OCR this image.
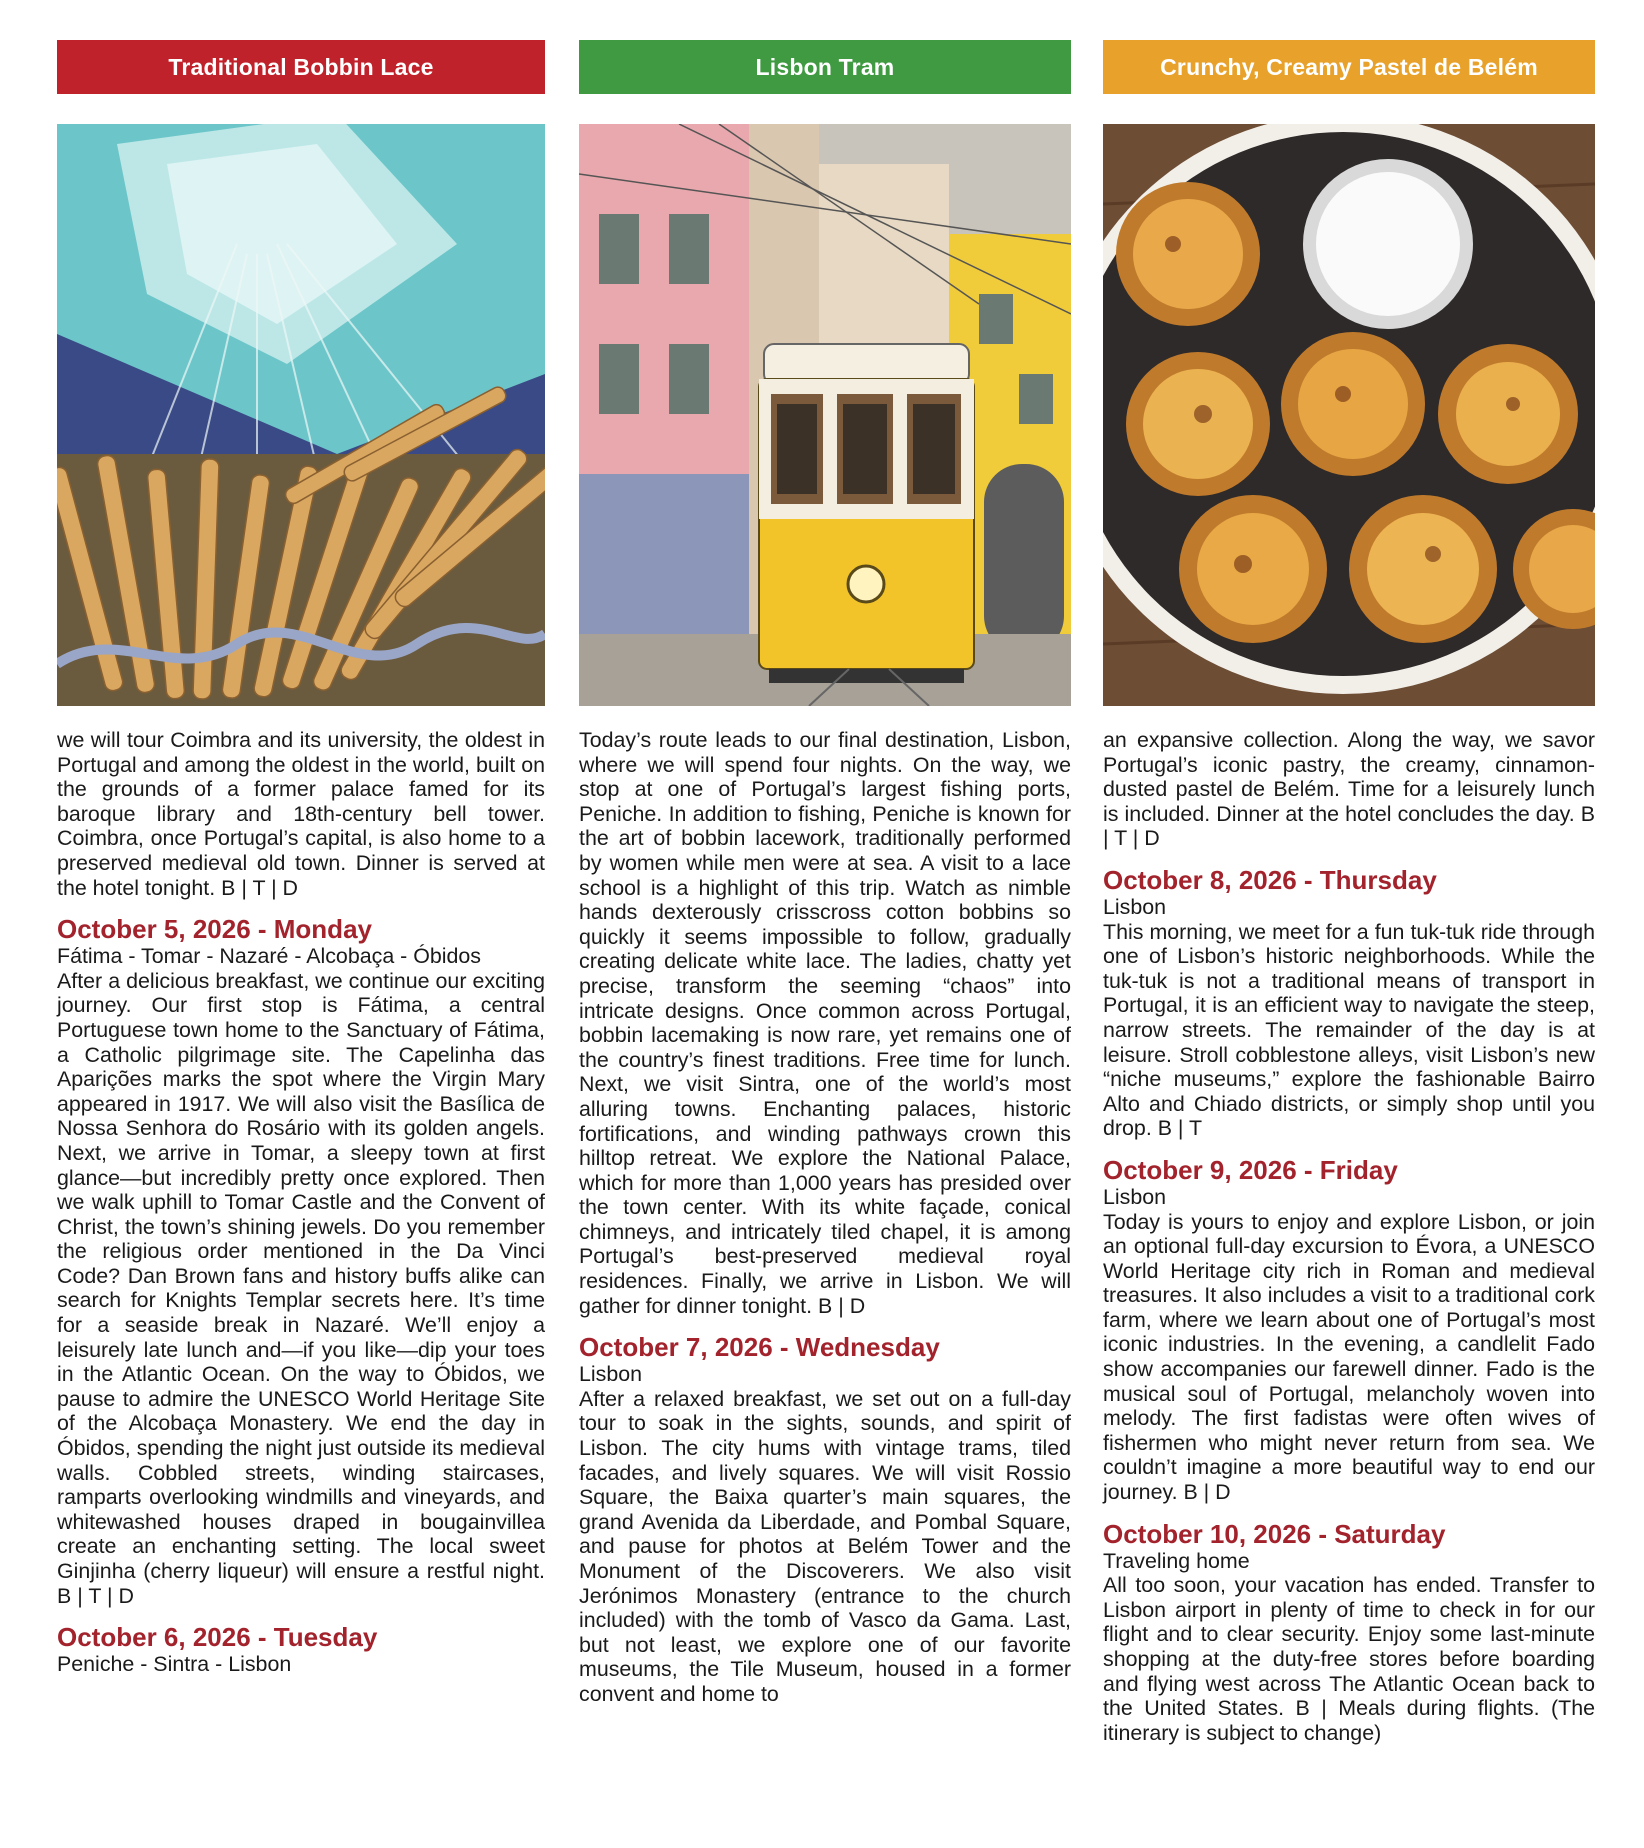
Traditional Bobbin Lace

we will tour Coimbra and its university, the oldest in Portugal and among the oldest in the world, built on the grounds of a former palace famed for its baroque library and 18th-century bell tower. Coimbra, once Portugal’s capital, is also home to a preserved medieval old town. Dinner is served at the hotel tonight. B | T | D

October 5, 2026 - Monday

Fátima - Tomar - Nazaré - Alcobaça - Óbidos

After a delicious breakfast, we continue our exciting journey. Our first stop is Fátima, a central Portuguese town home to the Sanctuary of Fátima, a Catholic pilgrimage site. The Capelinha das Aparições marks the spot where the Virgin Mary appeared in 1917. We will also visit the Basílica de Nossa Senhora do Rosário with its golden angels. Next, we arrive in Tomar, a sleepy town at first glance—but incredibly pretty once explored. Then we walk uphill to Tomar Castle and the Convent of Christ, the town’s shining jewels. Do you remember the religious order mentioned in the Da Vinci Code? Dan Brown fans and history buffs alike can search for Knights Templar secrets here. It’s time for a seaside break in Nazaré. We’ll enjoy a leisurely late lunch and—if you like—dip your toes in the Atlantic Ocean. On the way to Óbidos, we pause to admire the UNESCO World Heritage Site of the Alcobaça Monastery. We end the day in Óbidos, spending the night just outside its medieval walls. Cobbled streets, winding staircases, ramparts overlooking windmills and vineyards, and whitewashed houses draped in bougainvillea create an enchanting setting. The local sweet Ginjinha (cherry liqueur) will ensure a restful night. B | T | D

October 6, 2026 - Tuesday

Peniche - Sintra - Lisbon

Lisbon Tram

Today’s route leads to our final destination, Lisbon, where we will spend four nights. On the way, we stop at one of Portugal’s largest fishing ports, Peniche. In addition to fishing, Peniche is known for the art of bobbin lacework, traditionally performed by women while men were at sea. A visit to a lace school is a highlight of this trip. Watch as nimble hands dexterously crisscross cotton bobbins so quickly it seems impossible to follow, gradually creating delicate white lace. The ladies, chatty yet precise, transform the seeming “chaos” into intricate designs. Once common across Portugal, bobbin lacemaking is now rare, yet remains one of the country’s finest traditions. Free time for lunch. Next, we visit Sintra, one of the world’s most alluring towns. Enchanting palaces, historic fortifications, and winding pathways crown this hilltop retreat. We explore the National Palace, which for more than 1,000 years has presided over the town center. With its white façade, conical chimneys, and intricately tiled chapel, it is among Portugal’s best-preserved medieval royal residences. Finally, we arrive in Lisbon. We will gather for dinner tonight. B | D

October 7, 2026 - Wednesday

Lisbon

After a relaxed breakfast, we set out on a full-day tour to soak in the sights, sounds, and spirit of Lisbon. The city hums with vintage trams, tiled facades, and lively squares. We will visit Rossio Square, the Baixa quarter’s main squares, the grand Avenida da Liberdade, and Pombal Square, and pause for photos at Belém Tower and the Monument of the Discoverers. We also visit Jerónimos Monastery (entrance to the church included) with the tomb of Vasco da Gama. Last, but not least, we explore one of our favorite museums, the Tile Museum, housed in a former convent and home to

Crunchy, Creamy Pastel de Belém

an expansive collection. Along the way, we savor Portugal’s iconic pastry, the creamy, cinnamon-dusted pastel de Belém. Time for a leisurely lunch is included. Dinner at the hotel concludes the day. B | T | D

October 8, 2026 - Thursday

Lisbon

This morning, we meet for a fun tuk-tuk ride through one of Lisbon’s historic neighborhoods. While the tuk-tuk is not a traditional means of transport in Portugal, it is an efficient way to navigate the steep, narrow streets. The remainder of the day is at leisure. Stroll cobblestone alleys, visit Lisbon’s new “niche museums,” explore the fashionable Bairro Alto and Chiado districts, or simply shop until you drop. B | T

October 9, 2026 - Friday

Lisbon

Today is yours to enjoy and explore Lisbon, or join an optional full-day excursion to Évora, a UNESCO World Heritage city rich in Roman and medieval treasures. It also includes a visit to a traditional cork farm, where we learn about one of Portugal’s most iconic industries. In the evening, a candlelit Fado show accompanies our farewell dinner. Fado is the musical soul of Portugal, melancholy woven into melody. The first fadistas were often wives of fishermen who might never return from sea. We couldn’t imagine a more beautiful way to end our journey. B | D

October 10, 2026 - Saturday

Traveling home

All too soon, your vacation has ended. Transfer to Lisbon airport in plenty of time to check in for our flight and to clear security. Enjoy some last-minute shopping at the duty-free stores before boarding and flying west across The Atlantic Ocean back to the United States. B | Meals during flights. (The itinerary is subject to change)
